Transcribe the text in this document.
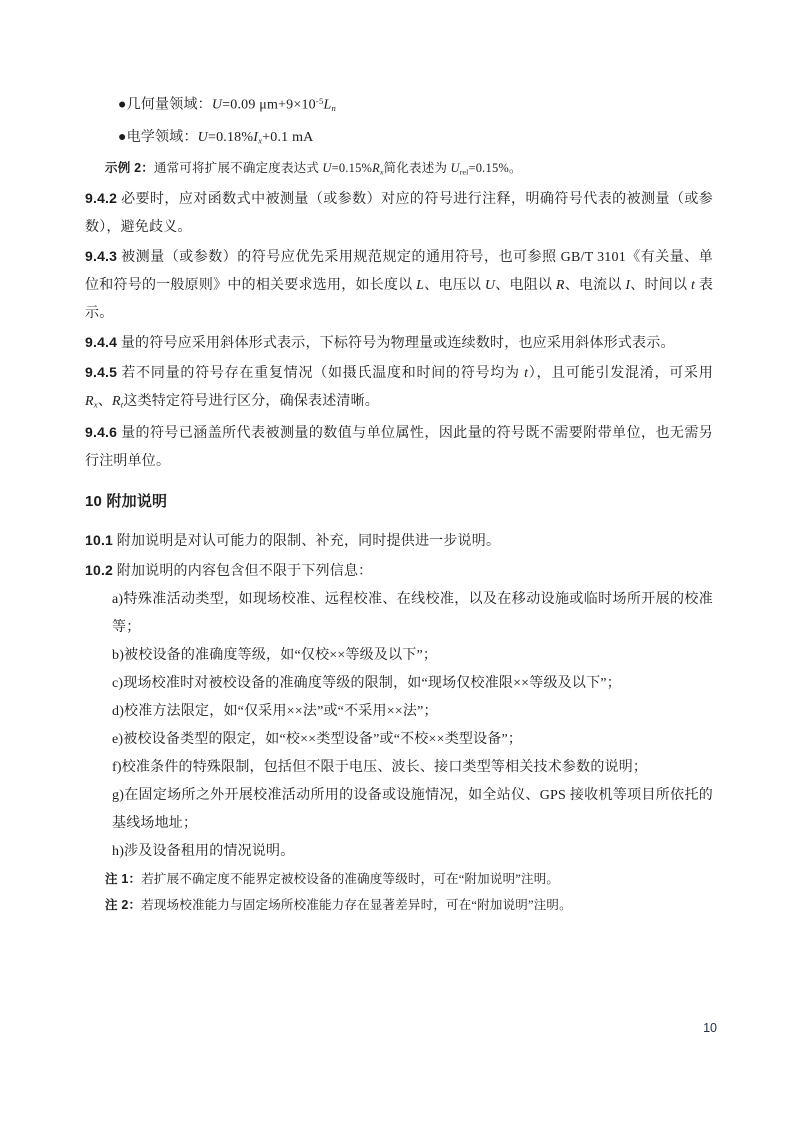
●几何量领域：U=0.09 $\mu m+9\times 10^{-5}L_n$

●电学领域：$U=0.18\%I_x+0.1$ mA

示例 2：通常可将扩展不确定度表达式 $U=0.15\%R_x$简化表述为 $U_{rel}=0.15\%$。

9.4.2 必要时，应对函数式中被测量（或参数）对应的符号进行注释，明确符号代表的被测量（或参数），避免歧义。

9.4.3 被测量（或参数）的符号应优先采用规范规定的通用符号，也可参照 GB/T 3101《有关量、单位和符号的一般原则》中的相关要求选用，如长度以 L、电压以 U、电阻以 R、电流以 I、时间以 t 表示。

9.4.4 量的符号应采用斜体形式表示，下标符号为物理量或连续数时，也应采用斜体形式表示。

9.4.5 若不同量的符号存在重复情况（如摄氏温度和时间的符号均为 t），且可能引发混淆，可采用 $R_x$、$R_t$这类特定符号进行区分，确保表述清晰。

9.4.6 量的符号已涵盖所代表被测量的数值与单位属性，因此量的符号既不需要附带单位，也无需另行注明单位。

10 附加说明

10.1 附加说明是对认可能力的限制、补充，同时提供进一步说明。

10.2 附加说明的内容包含但不限于下列信息：

a)特殊准活动类型，如现场校准、远程校准、在线校准，以及在移动设施或临时场所开展的校准等；

b)被校设备的准确度等级，如“仅校××等级及以下”；

c)现场校准时对被校设备的准确度等级的限制，如“现场仅校准限××等级及以下”；

d)校准方法限定，如“仅采用××法”或“不采用××法”；

e)被校设备类型的限定，如“校××类型设备”或“不校××类型设备”；

f)校准条件的特殊限制，包括但不限于电压、波长、接口类型等相关技术参数的说明；

g)在固定场所之外开展校准活动所用的设备或设施情况，如全站仪、GPS 接收机等项目所依托的基线场地址；

h)涉及设备租用的情况说明。

注 1：若扩展不确定度不能界定被校设备的准确度等级时，可在“附加说明”注明。

注 2：若现场校准能力与固定场所校准能力存在显著差异时，可在“附加说明”注明。

10
